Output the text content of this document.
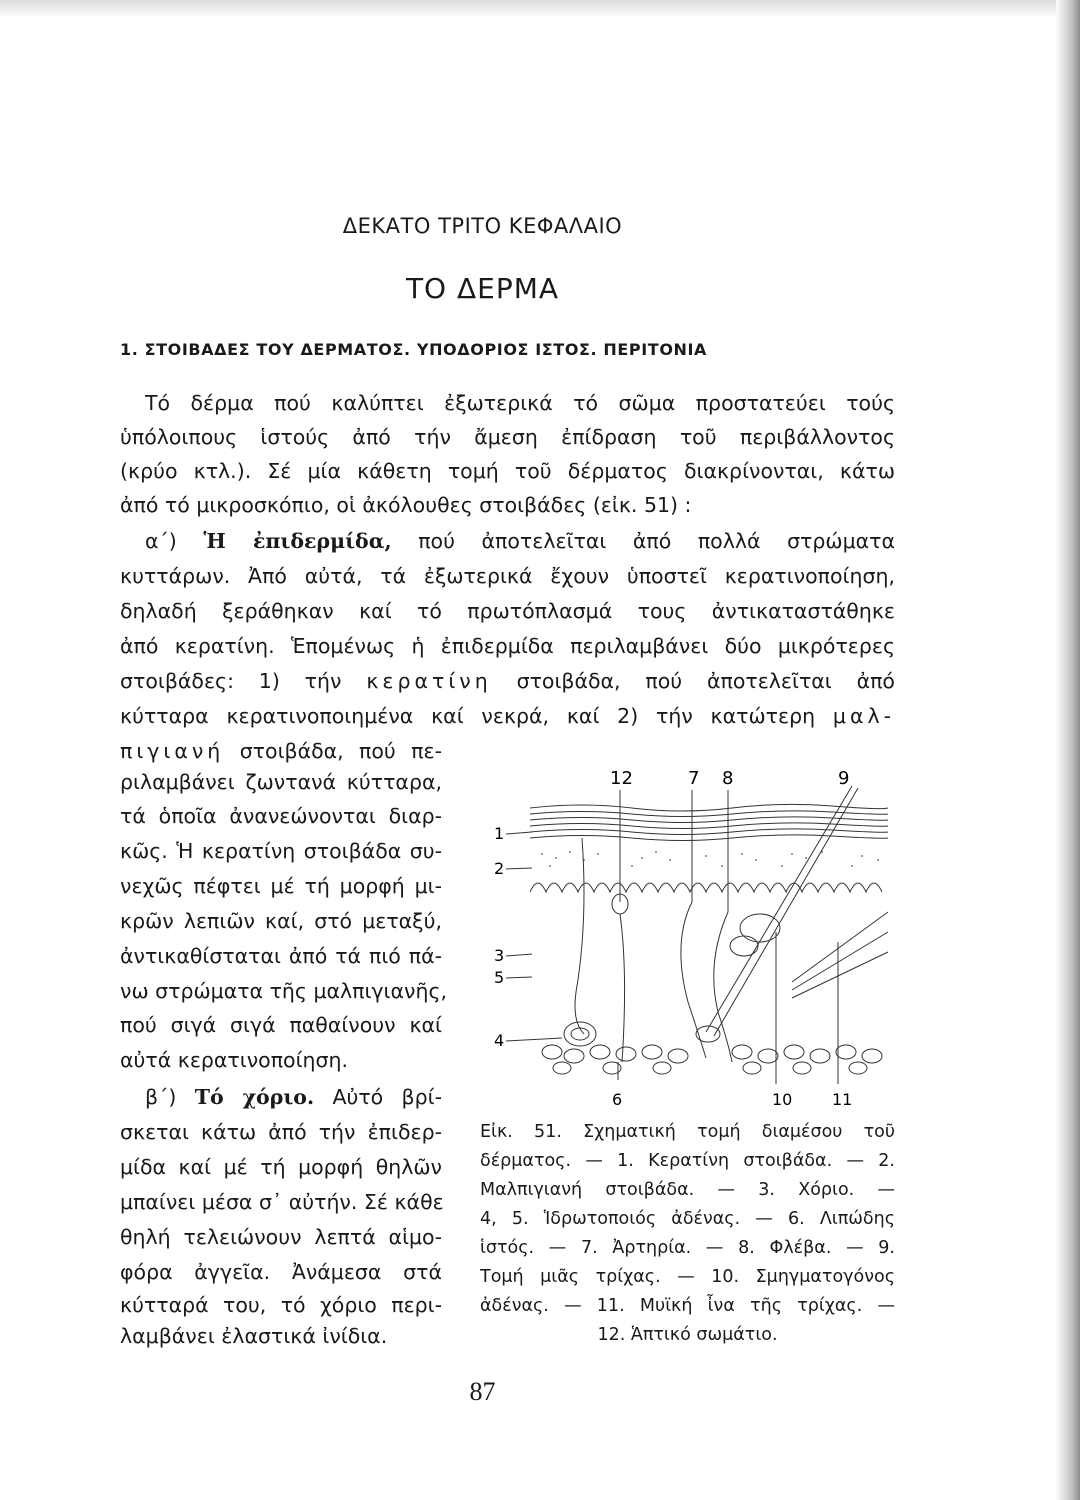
ΔΕΚΑΤΟ ΤΡΙΤΟ ΚΕΦΑΛΑΙΟ
ΤΟ ΔΕΡΜΑ
1. ΣΤΟΙΒΑΔΕΣ ΤΟΥ ΔΕΡΜΑΤΟΣ. ΥΠΟΔΟΡΙΟΣ ΙΣΤΟΣ. ΠΕΡΙΤΟΝΙΑ
Τό δέρμα πού καλύπτει ἐξωτερικά τό σῶμα προστατεύει τούς
ὑπόλοιπους ἱστούς ἀπό τήν ἄμεση ἐπίδραση τοῦ περιβάλλοντος
(κρύο κτλ.). Σέ μία κάθετη τομή τοῦ δέρματος διακρίνονται, κάτω
ἀπό τό μικροσκόπιο, οἱ ἀκόλουθες στοιβάδες (εἰκ. 51) :
α΄) Ἡ ἐπιδερμίδα, πού ἀποτελεῖται ἀπό πολλά στρώματα
κυττάρων. Ἀπό αὐτά, τά ἐξωτερικά ἔχουν ὑποστεῖ κερατινοποίηση,
δηλαδή ξεράθηκαν καί τό πρωτόπλασμά τους ἀντικαταστάθηκε
ἀπό κερατίνη. Ἑπομένως ἡ ἐπιδερμίδα περιλαμβάνει δύο μικρότερες
στοιβάδες: 1) τήν κερατίνη στοιβάδα, πού ἀποτελεῖται ἀπό
κύτταρα κερατινοποιημένα καί νεκρά, καί 2) τήν κατώτερη μαλ-
πιγιανή στοιβάδα, πού πε-
ριλαμβάνει ζωντανά κύτταρα,
τά ὁποῖα ἀνανεώνονται διαρ-
κῶς. Ἡ κερατίνη στοιβάδα συ-
νεχῶς πέφτει μέ τή μορφή μι-
κρῶν λεπιῶν καί, στό μεταξύ,
ἀντικαθίσταται ἀπό τά πιό πά-
νω στρώματα τῆς μαλπιγιανῆς,
πού σιγά σιγά παθαίνουν καί
αὐτά κερατινοποίηση.
β΄) Τό χόριο. Αὐτό βρί-
σκεται κάτω ἀπό τήν ἐπιδερ-
μίδα καί μέ τή μορφή θηλῶν
μπαίνει μέσα σ᾽ αὐτήν. Σέ κάθε
θηλή τελειώνουν λεπτά αἱμο-
φόρα ἀγγεῖα. Ἀνάμεσα στά
κύτταρά του, τό χόριο περι-
λαμβάνει ἐλαστικά ἰνίδια.
12	7 8	9
1
2
3
5
4
6	10 11
Εἰκ. 51. Σχηματική τομή διαμέσου τοῦ
δέρματος. — 1. Κερατίνη στοιβάδα. — 2.
Μαλπιγιανή στοιβάδα. — 3. Χόριο. —
4, 5. Ἱδρωτοποιός ἀδένας. — 6. Λιπώδης
ἱστός. — 7. Ἀρτηρία. — 8. Φλέβα. — 9.
Τομή μιᾶς τρίχας. — 10. Σμηγματογόνος
ἀδένας. — 11. Μυϊκή ἶνα τῆς τρίχας. —
12. Ἁπτικό σωμάτιο.
87
